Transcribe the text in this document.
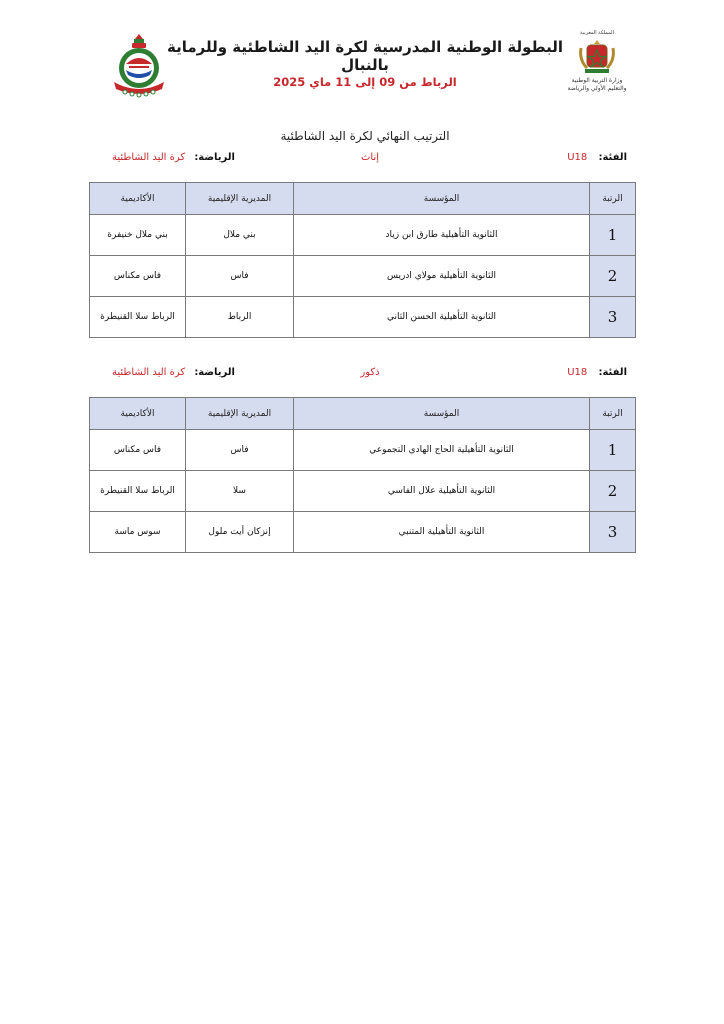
المملكة المغربية
وزارة التربية الوطنية
والتعليم الأولي والرياضة
البطولة الوطنية المدرسية لكرة اليد الشاطئية وللرماية بالنبال
الرباط من 09 إلى 11 ماي 2025
الترتيب النهائي لكرة اليد الشاطئية
الفئة: U18
إناث
الرياضة: كرة اليد الشاطئية
الرتبة	المؤسسة	المديرية الإقليمية	الأكاديمية
1	الثانوية التأهيلية طارق ابن زياد	بني ملال	بني ملال خنيفرة
2	الثانوية التأهيلية مولاي ادريس	فاس	فاس مكناس
3	الثانوية التأهيلية الحسن الثاني	الرباط	الرباط سلا القنيطرة
الفئة: U18
ذكور
الرياضة: كرة اليد الشاطئية
الرتبة	المؤسسة	المديرية الإقليمية	الأكاديمية
1	الثانوية التأهيلية الحاج الهادي التجموعي	فاس	فاس مكناس
2	الثانوية التأهيلية علال الفاسي	سلا	الرباط سلا القنيطرة
3	الثانوية التأهيلية المتنبي	إنزكان أيت ملول	سوس ماسة
